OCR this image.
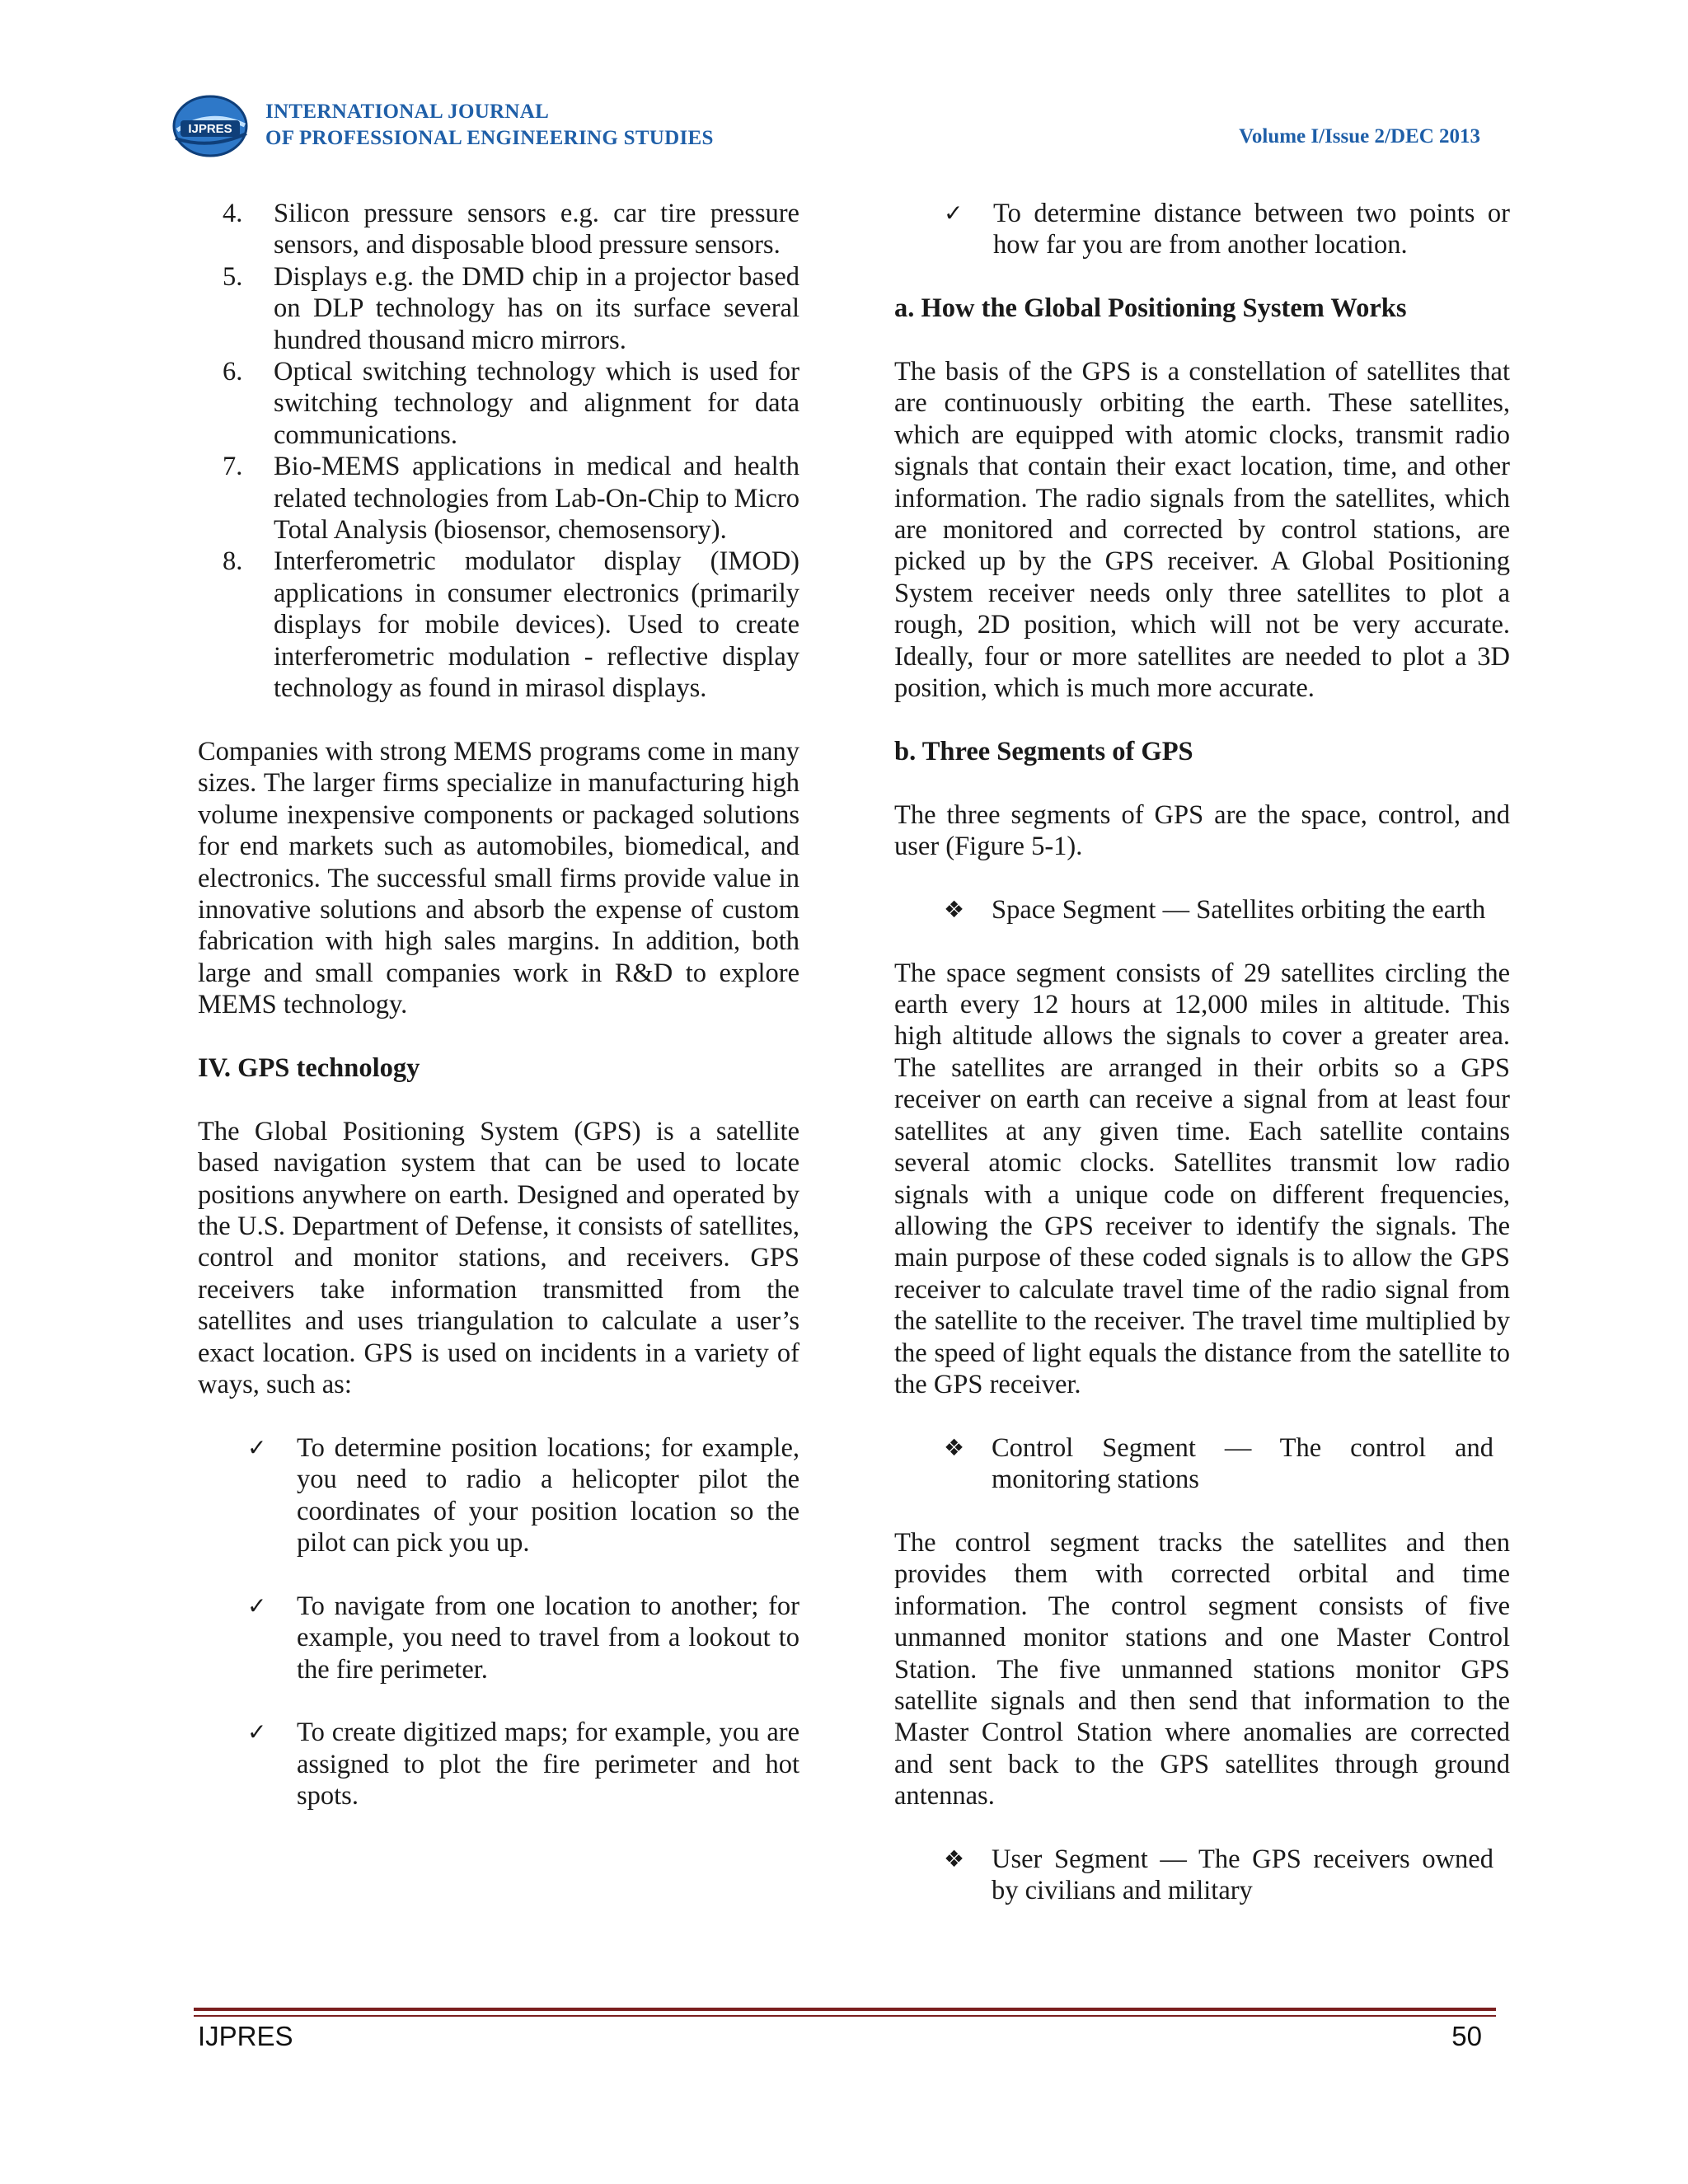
IJPRES
INTERNATIONAL JOURNAL
OF PROFESSIONAL ENGINEERING STUDIES	Volume I/Issue 2/DEC 2013
4. Silicon pressure sensors e.g. car tire pressure sensors, and disposable blood pressure sensors.
5. Displays e.g. the DMD chip in a projector based on DLP technology has on its surface several hundred thousand micro mirrors.
6. Optical switching technology which is used for switching technology and alignment for data communications.
7. Bio-MEMS applications in medical and health related technologies from Lab-On-Chip to Micro Total Analysis (biosensor, chemosensory).
8. Interferometric modulator display (IMOD) applications in consumer electronics (primarily displays for mobile devices). Used to create interferometric modulation - reflective display technology as found in mirasol displays.

Companies with strong MEMS programs come in many sizes. The larger firms specialize in manufacturing high volume inexpensive components or packaged solutions for end markets such as automobiles, biomedical, and electronics. The successful small firms provide value in innovative solutions and absorb the expense of custom fabrication with high sales margins. In addition, both large and small companies work in R&D to explore MEMS technology.

IV. GPS technology

The Global Positioning System (GPS) is a satellite based navigation system that can be used to locate positions anywhere on earth. Designed and operated by the U.S. Department of Defense, it consists of satellites, control and monitor stations, and receivers. GPS receivers take information transmitted from the satellites and uses triangulation to calculate a user’s exact location. GPS is used on incidents in a variety of ways, such as:

✓ To determine position locations; for example, you need to radio a helicopter pilot the coordinates of your position location so the pilot can pick you up.
✓ To navigate from one location to another; for example, you need to travel from a lookout to the fire perimeter.
✓ To create digitized maps; for example, you are assigned to plot the fire perimeter and hot spots.
✓ To determine distance between two points or how far you are from another location.

a. How the Global Positioning System Works

The basis of the GPS is a constellation of satellites that are continuously orbiting the earth. These satellites, which are equipped with atomic clocks, transmit radio signals that contain their exact location, time, and other information. The radio signals from the satellites, which are monitored and corrected by control stations, are picked up by the GPS receiver. A Global Positioning System receiver needs only three satellites to plot a rough, 2D position, which will not be very accurate. Ideally, four or more satellites are needed to plot a 3D position, which is much more accurate.

b. Three Segments of GPS

The three segments of GPS are the space, control, and user (Figure 5-1).

❖ Space Segment — Satellites orbiting the earth

The space segment consists of 29 satellites circling the earth every 12 hours at 12,000 miles in altitude. This high altitude allows the signals to cover a greater area. The satellites are arranged in their orbits so a GPS receiver on earth can receive a signal from at least four satellites at any given time. Each satellite contains several atomic clocks. Satellites transmit low radio signals with a unique code on different frequencies, allowing the GPS receiver to identify the signals. The main purpose of these coded signals is to allow the GPS receiver to calculate travel time of the radio signal from the satellite to the receiver. The travel time multiplied by the speed of light equals the distance from the satellite to the GPS receiver.

❖ Control Segment — The control and monitoring stations

The control segment tracks the satellites and then provides them with corrected orbital and time information. The control segment consists of five unmanned monitor stations and one Master Control Station. The five unmanned stations monitor GPS satellite signals and then send that information to the Master Control Station where anomalies are corrected and sent back to the GPS satellites through ground antennas.

❖ User Segment — The GPS receivers owned by civilians and military
IJPRES	50
